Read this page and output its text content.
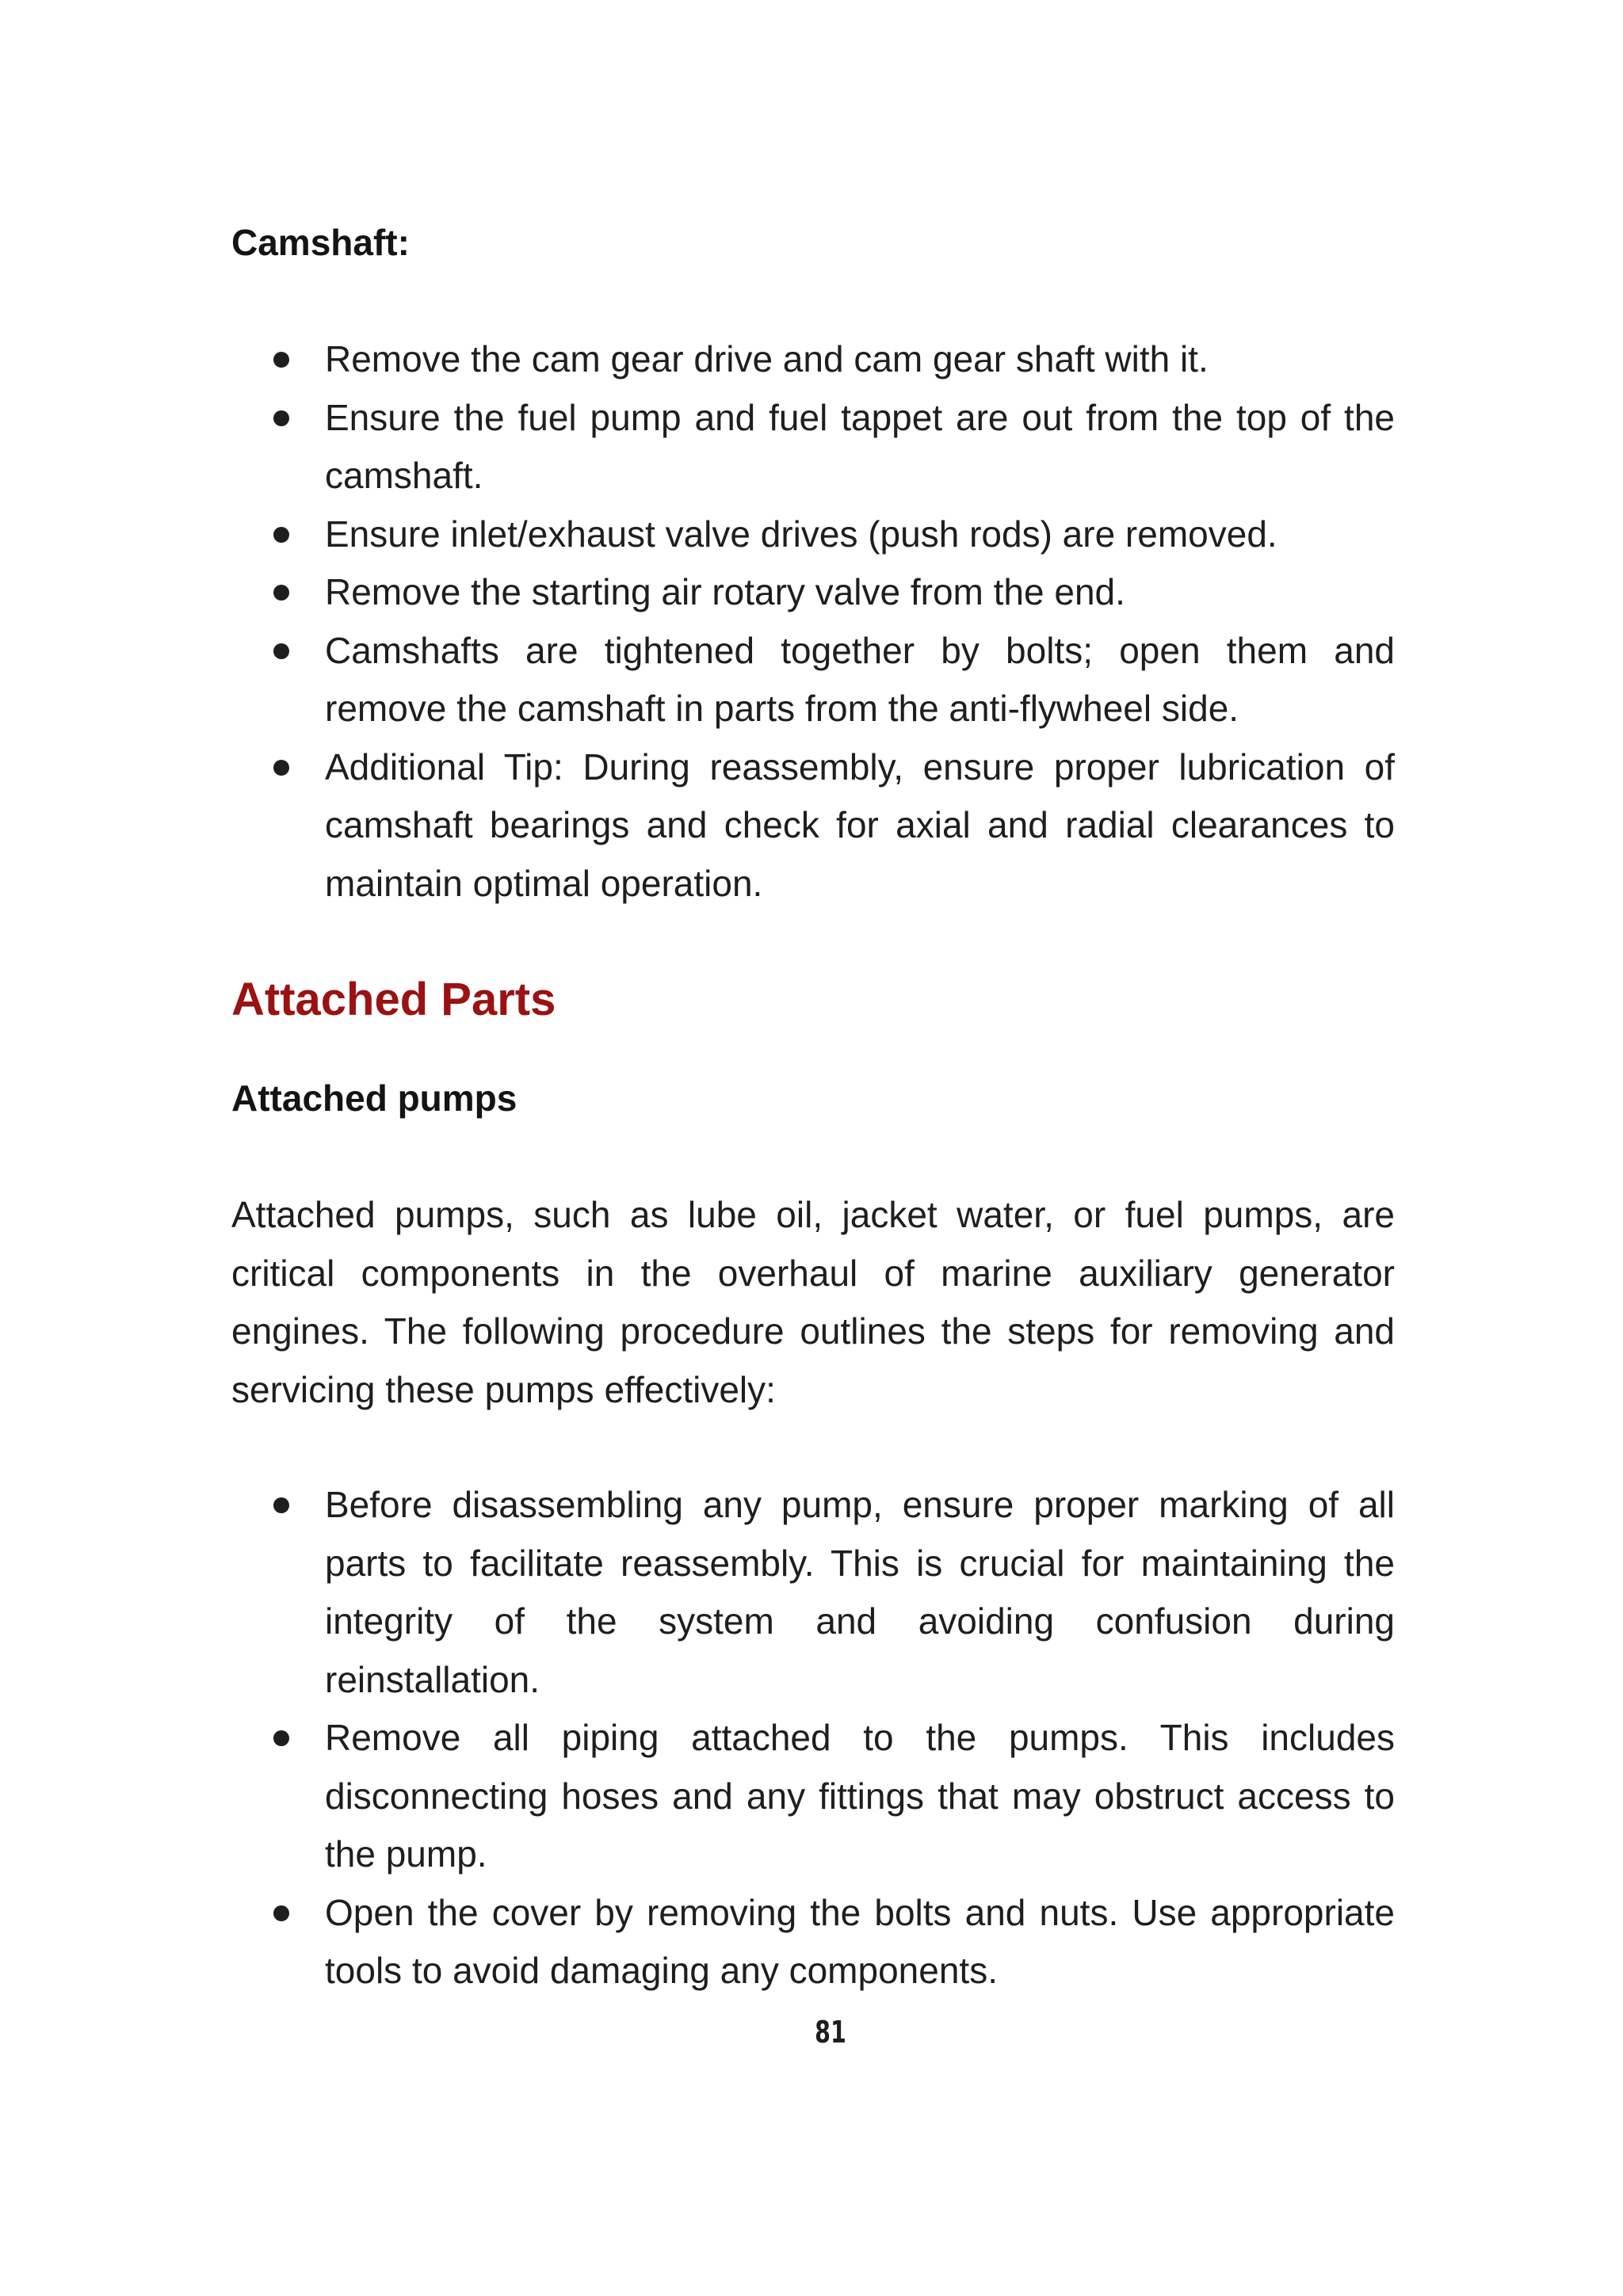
Camshaft:
Remove the cam gear drive and cam gear shaft with it.
Ensure the fuel pump and fuel tappet are out from the top of the camshaft.
Ensure inlet/exhaust valve drives (push rods) are removed.
Remove the starting air rotary valve from the end.
Camshafts are tightened together by bolts; open them and remove the camshaft in parts from the anti-flywheel side.
Additional Tip: During reassembly, ensure proper lubrication of camshaft bearings and check for axial and radial clearances to maintain optimal operation.
Attached Parts
Attached pumps

Attached pumps, such as lube oil, jacket water, or fuel pumps, are critical components in the overhaul of marine auxiliary generator engines. The following procedure outlines the steps for removing and servicing these pumps effectively:

Before disassembling any pump, ensure proper marking of all parts to facilitate reassembly. This is crucial for maintaining the integrity of the system and avoiding confusion during reinstallation.
Remove all piping attached to the pumps. This includes disconnecting hoses and any fittings that may obstruct access to the pump.
Open the cover by removing the bolts and nuts. Use appropriate tools to avoid damaging any components.
81
